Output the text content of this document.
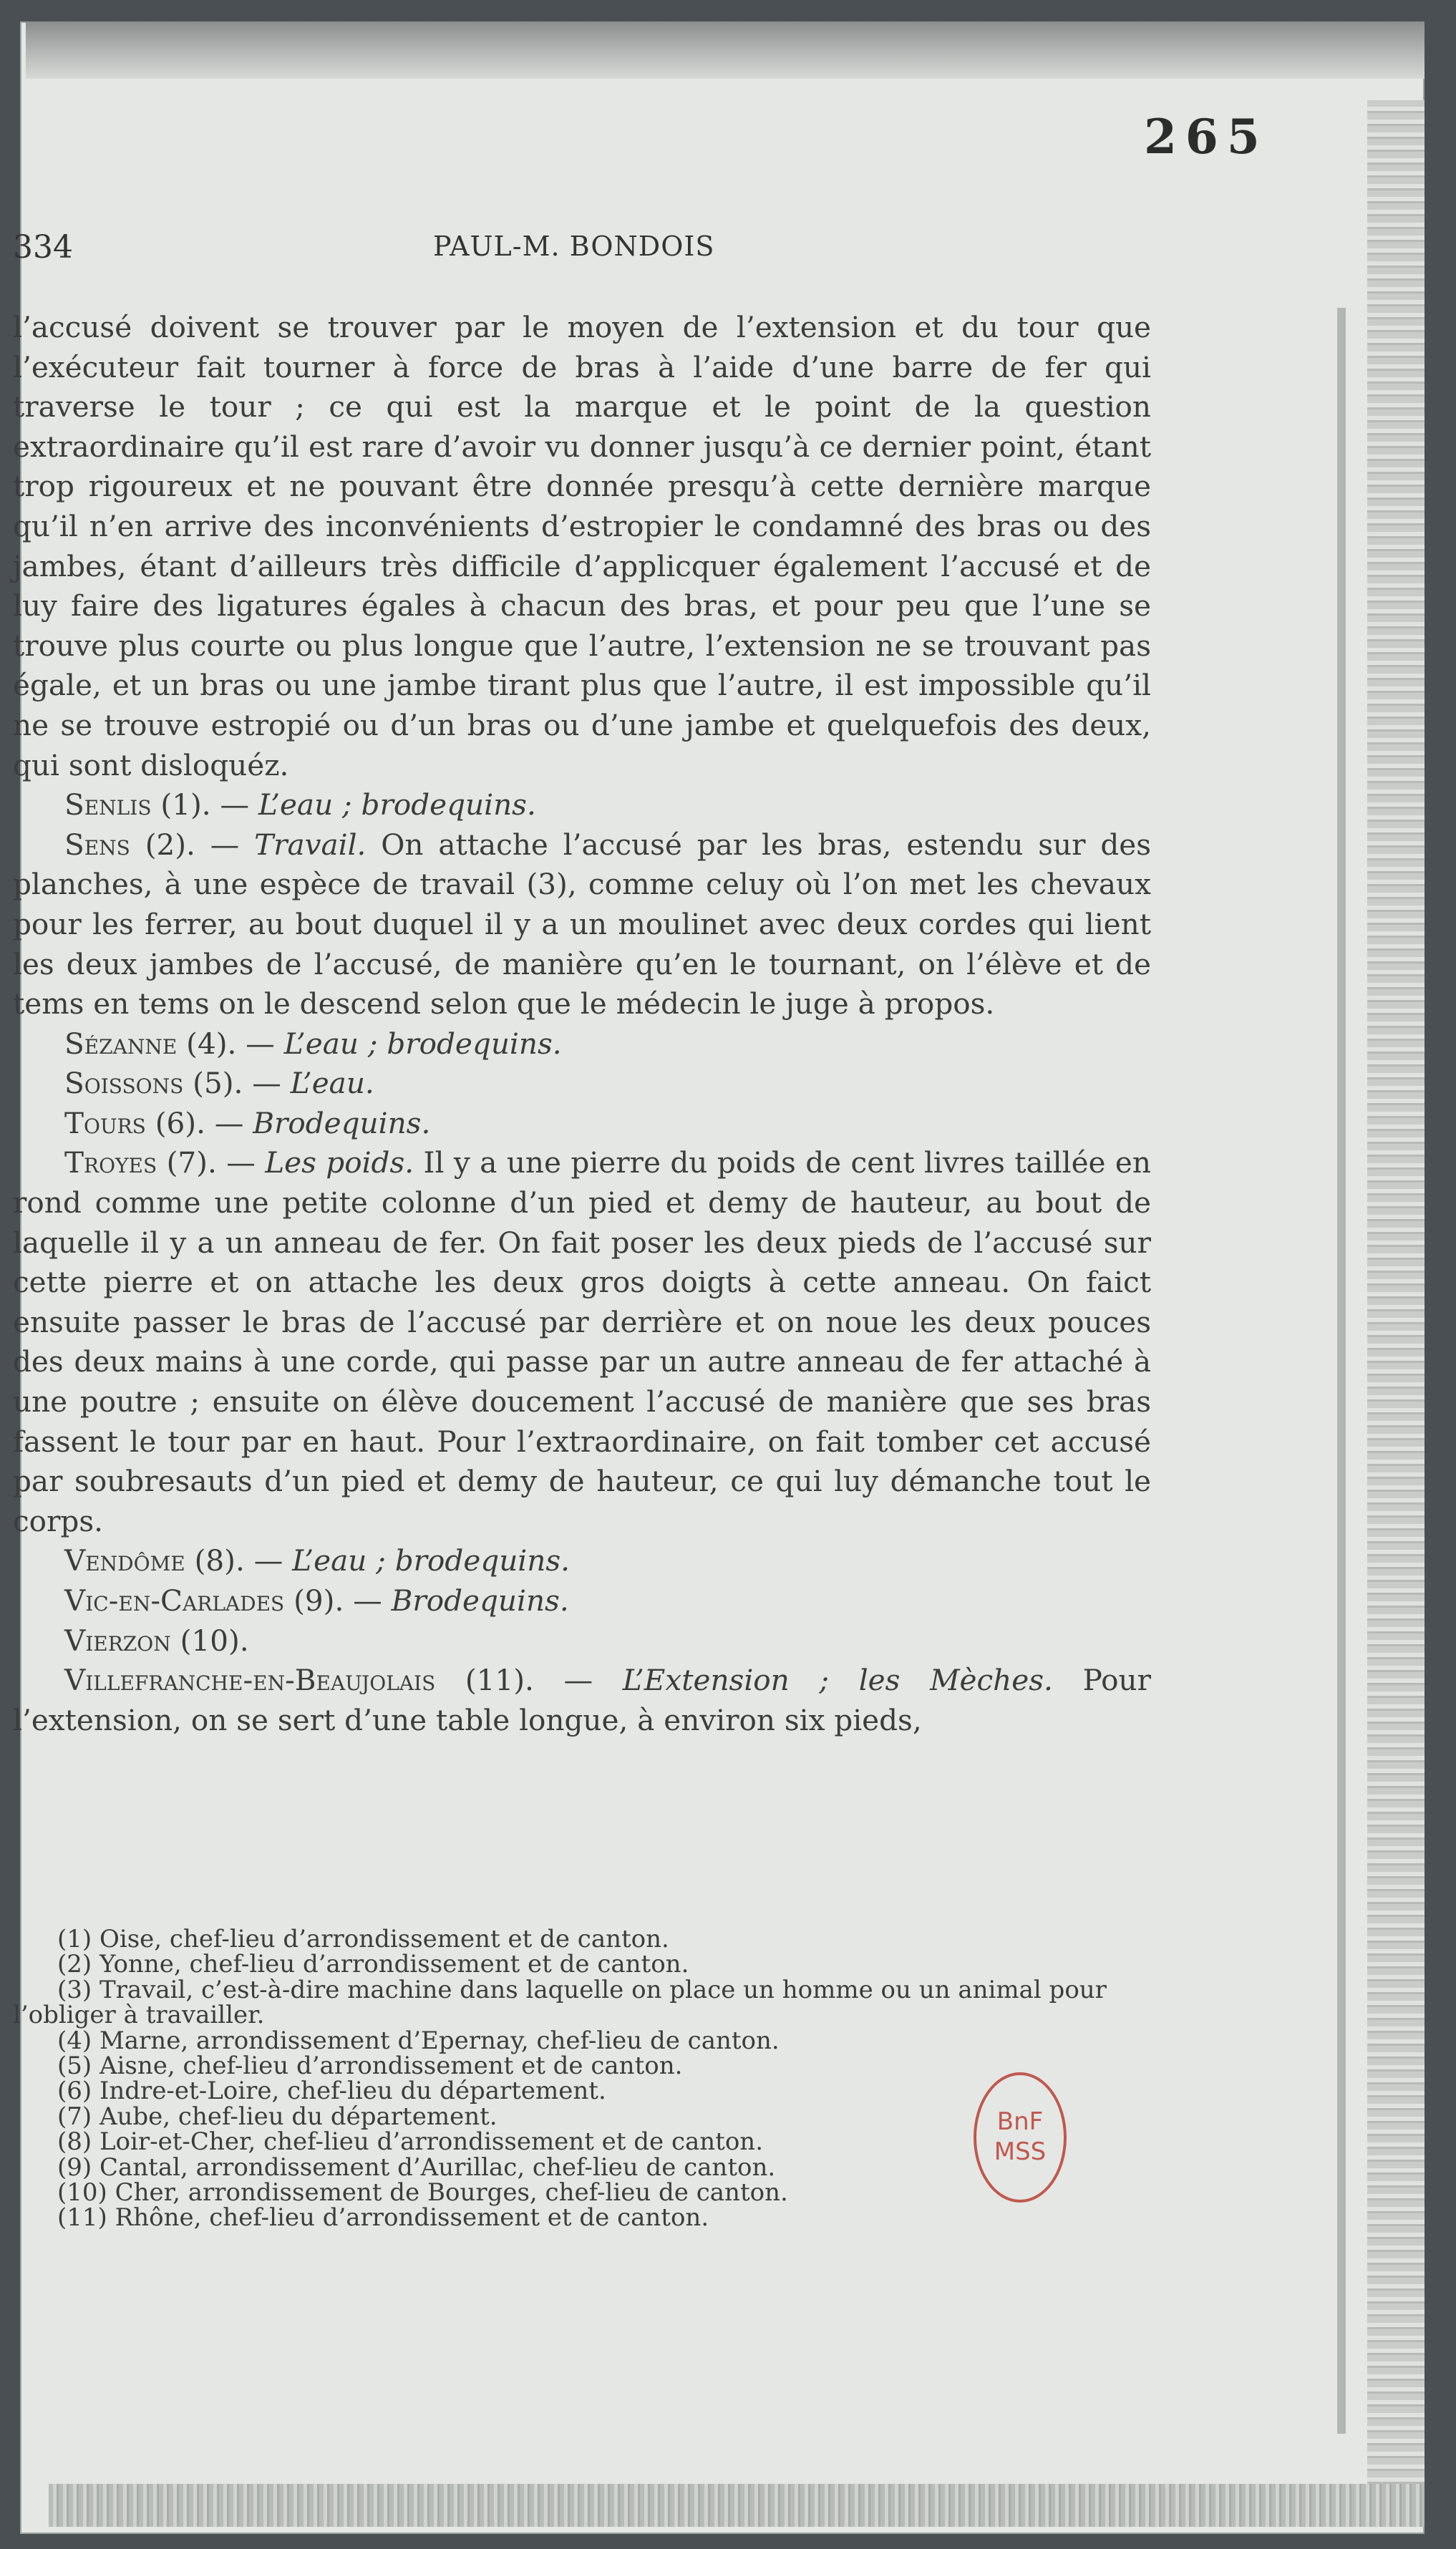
265
334	PAUL-M. BONDOIS

l’accusé doivent se trouver par le moyen de l’extension et du tour que l’exécuteur fait tourner à force de bras à l’aide d’une barre de fer qui traverse le tour ; ce qui est la marque et le point de la question extraordinaire qu’il est rare d’avoir vu donner jusqu’à ce dernier point, étant trop rigoureux et ne pouvant être donnée presqu’à cette dernière marque qu’il n’en arrive des inconvénients d’estropier le condamné des bras ou des jambes, étant d’ailleurs très difficile d’applicquer également l’accusé et de luy faire des ligatures égales à chacun des bras, et pour peu que l’une se trouve plus courte ou plus longue que l’autre, l’extension ne se trouvant pas égale, et un bras ou une jambe tirant plus que l’autre, il est impossible qu’il ne se trouve estropié ou d’un bras ou d’une jambe et quelquefois des deux, qui sont disloquéz.

Senlis (1). — L’eau ; brodequins.

Sens (2). — Travail. On attache l’accusé par les bras, estendu sur des planches, à une espèce de travail (3), comme celuy où l’on met les chevaux pour les ferrer, au bout duquel il y a un moulinet avec deux cordes qui lient les deux jambes de l’accusé, de manière qu’en le tournant, on l’élève et de tems en tems on le descend selon que le médecin le juge à propos.

Sézanne (4). — L’eau ; brodequins.

Soissons (5). — L’eau.

Tours (6). — Brodequins.

Troyes (7). — Les poids. Il y a une pierre du poids de cent livres taillée en rond comme une petite colonne d’un pied et demy de hauteur, au bout de laquelle il y a un anneau de fer. On fait poser les deux pieds de l’accusé sur cette pierre et on attache les deux gros doigts à cette anneau. On faict ensuite passer le bras de l’accusé par derrière et on noue les deux pouces des deux mains à une corde, qui passe par un autre anneau de fer attaché à une poutre ; ensuite on élève doucement l’accusé de manière que ses bras fassent le tour par en haut. Pour l’extraordinaire, on fait tomber cet accusé par soubresauts d’un pied et demy de hauteur, ce qui luy démanche tout le corps.

Vendôme (8). — L’eau ; brodequins.

Vic-en-Carlades (9). — Brodequins.

Vierzon (10).

Villefranche-en-Beaujolais (11). — L’Extension ; les Mèches. Pour l’extension, on se sert d’une table longue, à environ six pieds,

(1) Oise, chef-lieu d’arrondissement et de canton.

(2) Yonne, chef-lieu d’arrondissement et de canton.

(3) Travail, c’est-à-dire machine dans laquelle on place un homme ou un animal pour l’obliger à travailler.

(4) Marne, arrondissement d’Epernay, chef-lieu de canton.

(5) Aisne, chef-lieu d’arrondissement et de canton.

(6) Indre-et-Loire, chef-lieu du département.

(7) Aube, chef-lieu du département.

(8) Loir-et-Cher, chef-lieu d’arrondissement et de canton.

(9) Cantal, arrondissement d’Aurillac, chef-lieu de canton.

(10) Cher, arrondissement de Bourges, chef-lieu de canton.

(11) Rhône, chef-lieu d’arrondissement et de canton.

BnF
MSS
